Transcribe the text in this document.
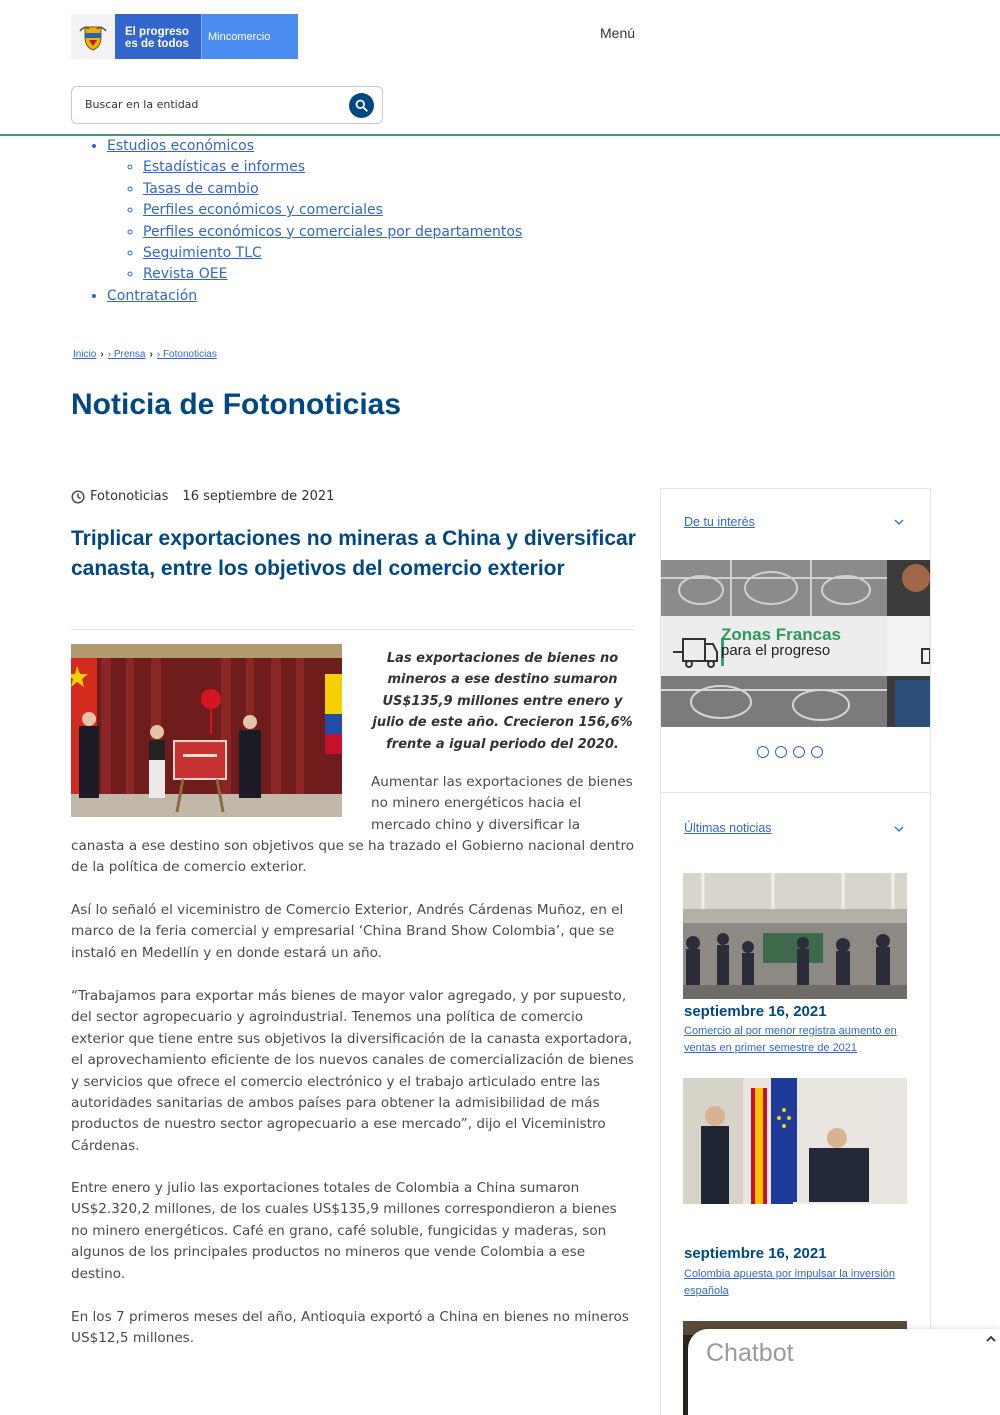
El progreso
es de todos
Mincomercio	Menú
Buscar en la entidad
• Estudios económicos
◦ Estadísticas e informes
◦ Tasas de cambio
◦ Perfiles económicos y comerciales
◦ Perfiles económicos y comerciales por departamentos
◦ Seguimiento TLC
◦ Revista OEE
• Contratación
Inicio › › Prensa › › Fotonoticias
Noticia de Fotonoticias
Fotonoticias 16 septiembre de 2021
Triplicar exportaciones no mineras a China y diversificar canasta, entre los objetivos del comercio exterior

Las exportaciones de bienes no mineros a ese destino sumaron US$135,9 millones entre enero y julio de este año. Crecieron 156,6% frente a igual periodo del 2020.

Aumentar las exportaciones de bienes no minero energéticos hacia el mercado chino y diversificar la

canasta a ese destino son objetivos que se ha trazado el Gobierno nacional dentro de la política de comercio exterior.

Así lo señaló el viceministro de Comercio Exterior, Andrés Cárdenas Muñoz, en el marco de la feria comercial y empresarial ‘China Brand Show Colombia’, que se instaló en Medellín y en donde estará un año.

“Trabajamos para exportar más bienes de mayor valor agregado, y por supuesto, del sector agropecuario y agroindustrial. Tenemos una política de comercio exterior que tiene entre sus objetivos la diversificación de la canasta exportadora, el aprovechamiento eficiente de los nuevos canales de comercialización de bienes y servicios que ofrece el comercio electrónico y el trabajo articulado entre las autoridades sanitarias de ambos países para obtener la admisibilidad de más productos de nuestro sector agropecuario a ese mercado”, dijo el Viceministro Cárdenas.

Entre enero y julio las exportaciones totales de Colombia a China sumaron US$2.320,2 millones, de los cuales US$135,9 millones correspondieron a bienes no minero energéticos. Café en grano, café soluble, fungicidas y maderas, son algunos de los principales productos no mineros que vende Colombia a ese destino.

En los 7 primeros meses del año, Antioquia exportó a China en bienes no mineros US$12,5 millones.

De tu interés
Zonas Francas
para el progreso
Últimas noticias
septiembre 16, 2021
Comercio al por menor registra aumento en ventas en primer semestre de 2021
septiembre 16, 2021
Colombia apuesta por impulsar la inversión española
Chatbot
